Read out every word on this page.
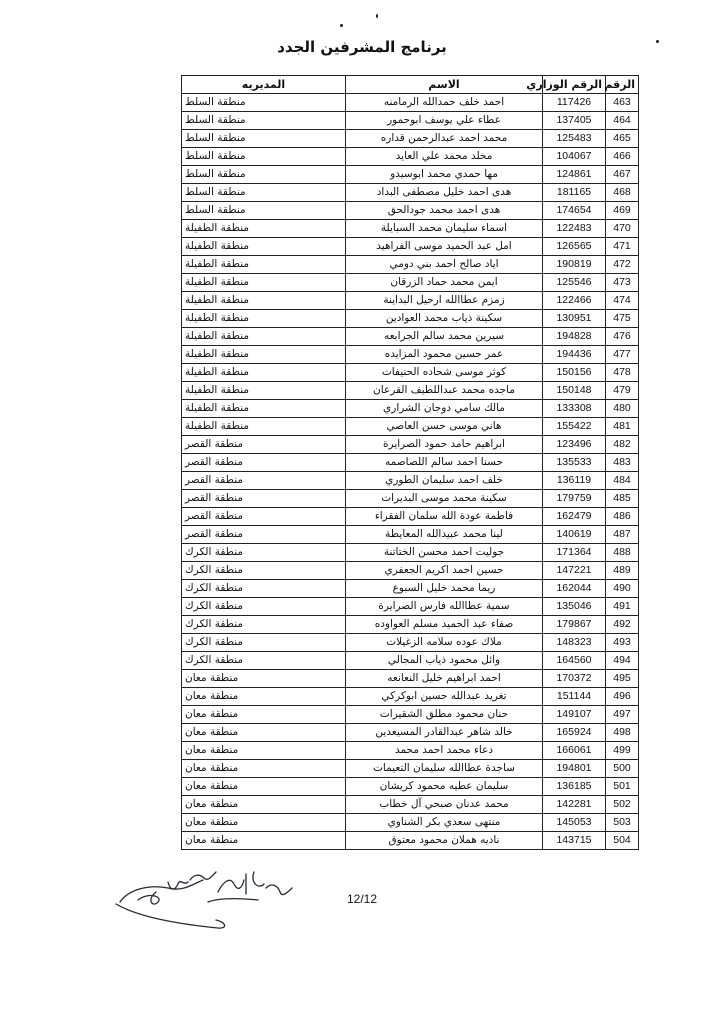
برنامج المشرفين الجدد
الرقم	الرقم الوزاري	الاسم	المديريه
463	117426	احمد خلف حمدالله الرمامنه	منطقة السلط
464	137405	عطاء علي يوسف ابوحمور	منطقة السلط
465	125483	محمد احمد عبدالرحمن قداره	منطقة السلط
466	104067	مخلد محمد علي العايد	منطقة السلط
467	124861	مها حمدي محمد ابوسيدو	منطقة السلط
468	181165	هدى احمد خليل مصطفى البداد	منطقة السلط
469	174654	هدى احمد محمد جودالحق	منطقة السلط
470	122483	اسماء سليمان محمد السبايلة	منطقة الطفيلة
471	126565	امل عبد الحميد موسى الفراهيد	منطقة الطفيلة
472	190819	اياد صالح احمد بني دومي	منطقة الطفيلة
473	125546	ايمن محمد حماد الزرقان	منطقة الطفيلة
474	122466	زمزم عطاالله ارحيل البداينة	منطقة الطفيلة
475	130951	سكينة ذياب محمد العوادين	منطقة الطفيلة
476	194828	سيرين محمد سالم الجرابعه	منطقة الطفيلة
477	194436	عمر حسين محمود المزايده	منطقة الطفيلة
478	150156	كوثر موسى شحاده الحنيفات	منطقة الطفيلة
479	150148	ماجده محمد عبداللطيف القرعان	منطقة الطفيلة
480	133308	مالك سامي دوجان الشراري	منطقة الطفيلة
481	155422	هاني موسى حسن العاصي	منطقة الطفيلة
482	123496	ابراهيم حامد حمود الصرايرة	منطقة القصر
483	135533	حسنا احمد سالم اللصاصمه	منطقة القصر
484	136119	خلف احمد سليمان الطوري	منطقة القصر
485	179759	سكينة محمد موسى البديرات	منطقة القصر
486	162479	فاطمة عودة الله سلمان الفقراء	منطقة القصر
487	140619	لينا محمد عبيدالله المعايطة	منطقة القصر
488	171364	جوليت احمد محسن الختاتنة	منطقة الكرك
489	147221	حسين احمد اكريم الجعفري	منطقة الكرك
490	162044	ريما محمد خليل السبوع	منطقة الكرك
491	135046	سمية عطاالله فارس الصرايرة	منطقة الكرك
492	179867	صفاء عبد الحميد مسلم العواوده	منطقة الكرك
493	148323	ملاك عوده سلامه الزغيلات	منطقة الكرك
494	164560	وائل محمود ذياب المجالي	منطقة الكرك
495	170372	احمد ابراهيم خليل النعانعه	منطقة معان
496	151144	تغريد عبدالله حسين ابوكركي	منطقة معان
497	149107	حنان محمود مطلق الشقيرات	منطقة معان
498	165924	خالد شاهر عبدالقادر المسيعدين	منطقة معان
499	166061	دعاء محمد احمد محمد	منطقة معان
500	194801	ساجدة عطاالله سليمان التعيمات	منطقة معان
501	136185	سليمان عطيه محمود كريشان	منطقة معان
502	142281	محمد عدنان صبحي آل خطاب	منطقة معان
503	145053	منتهى سعدي بكر الشناوي	منطقة معان
504	143715	ناديه هملان محمود معتوق	منطقة معان
12/12
